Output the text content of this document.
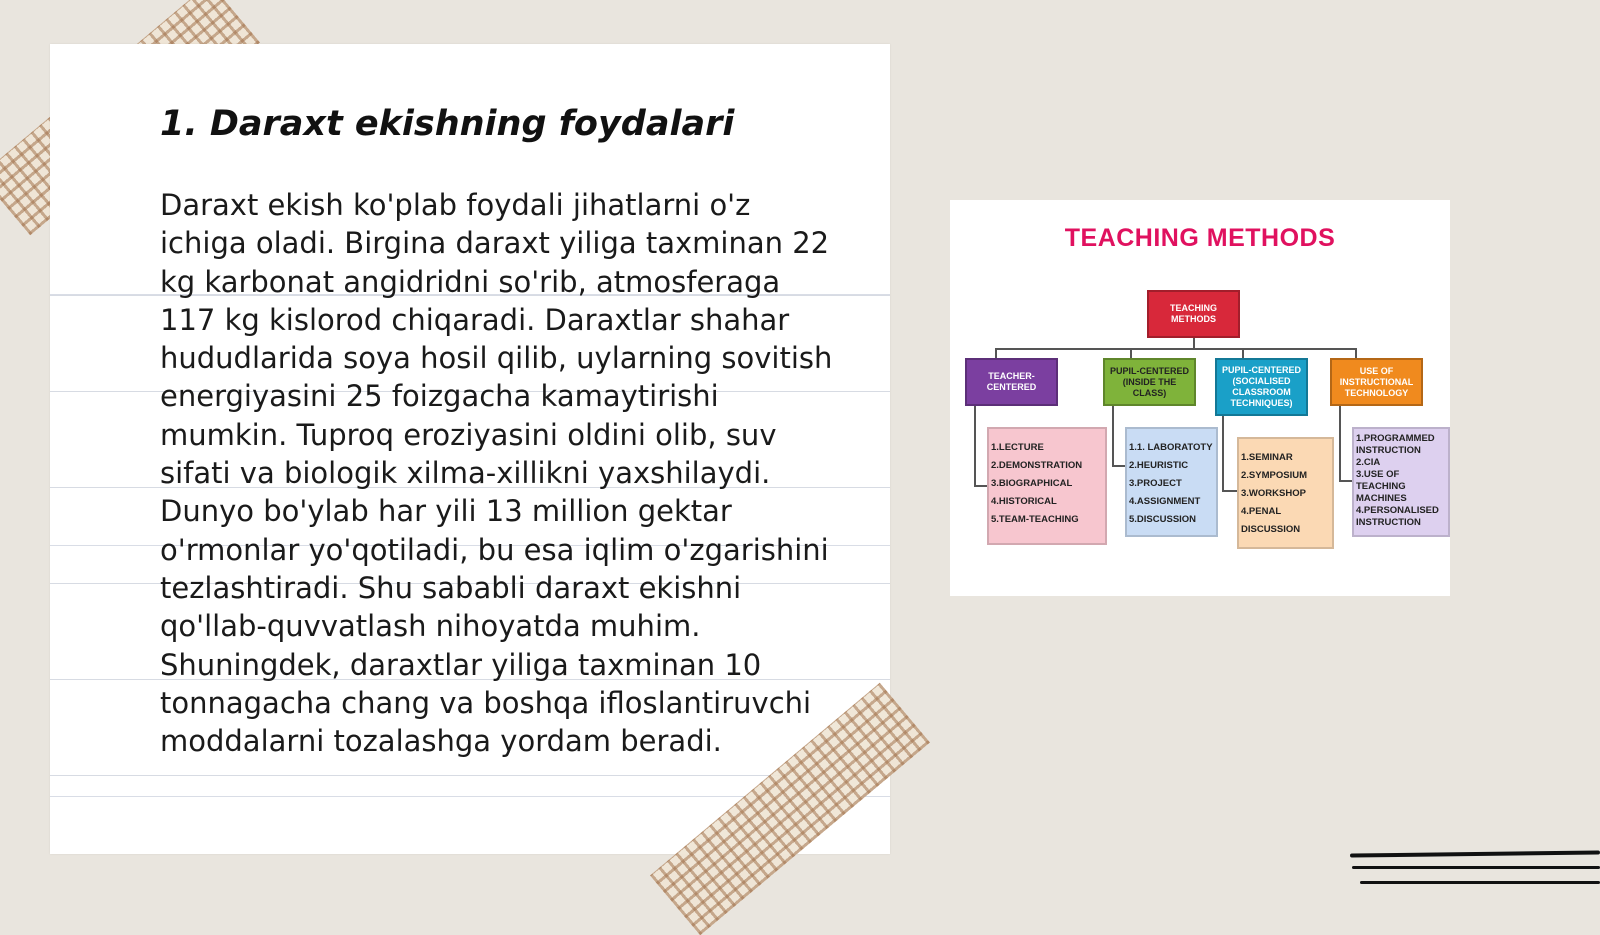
1. Daraxt ekishning foydalari

Daraxt ekish ko'plab foydali jihatlarni o'z ichiga oladi. Birgina daraxt yiliga taxminan 22 kg karbonat angidridni so'rib, atmosferaga 117 kg kislorod chiqaradi. Daraxtlar shahar hududlarida soya hosil qilib, uylarning sovitish energiyasini 25 foizgacha kamaytirishi mumkin. Tuproq eroziyasini oldini olib, suv sifati va biologik xilma-xillikni yaxshilaydi. Dunyo bo'ylab har yili 13 million gektar o'rmonlar yo'qotiladi, bu esa iqlim o'zgarishini tezlashtiradi. Shu sababli daraxt ekishni qo'llab-quvvatlash nihoyatda muhim. Shuningdek, daraxtlar yiliga taxminan 10 tonnagacha chang va boshqa ifloslantiruvchi moddalarni tozalashga yordam beradi.

TEACHING METHODS
TEACHING METHODS
TEACHER-CENTERED
PUPIL-CENTERED (INSIDE THE CLASS)
PUPIL-CENTERED (SOCIALISED CLASSROOM TECHNIQUES)
USE OF INSTRUCTIONAL TECHNOLOGY
1.LECTURE
2.DEMONSTRATION
3.BIOGRAPHICAL
4.HISTORICAL
5.TEAM-TEACHING
1.1. LABORATOTY
2.HEURISTIC
3.PROJECT
4.ASSIGNMENT
5.DISCUSSION
1.SEMINAR
2.SYMPOSIUM
3.WORKSHOP
4.PENAL DISCUSSION
1.PROGRAMMED INSTRUCTION
2.CIA
3.USE OF TEACHING MACHINES
4.PERSONALISED INSTRUCTION
